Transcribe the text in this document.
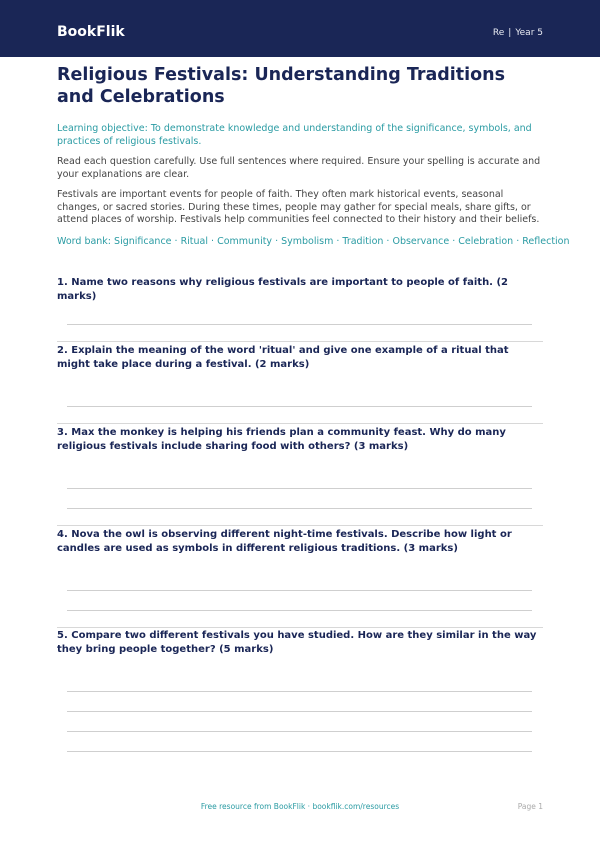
BookFlik	Re | Year 5
Religious Festivals: Understanding Traditions and Celebrations
Learning objective: To demonstrate knowledge and understanding of the significance, symbols, and practices of religious festivals.
Read each question carefully. Use full sentences where required. Ensure your spelling is accurate and your explanations are clear.
Festivals are important events for people of faith. They often mark historical events, seasonal changes, or sacred stories. During these times, people may gather for special meals, share gifts, or attend places of worship. Festivals help communities feel connected to their history and their beliefs.
Word bank: Significance · Ritual · Community · Symbolism · Tradition · Observance · Celebration · Reflection
1. Name two reasons why religious festivals are important to people of faith. (2 marks)
2. Explain the meaning of the word 'ritual' and give one example of a ritual that might take place during a festival. (2 marks)
3. Max the monkey is helping his friends plan a community feast. Why do many religious festivals include sharing food with others? (3 marks)
4. Nova the owl is observing different night-time festivals. Describe how light or candles are used as symbols in different religious traditions. (3 marks)
5. Compare two different festivals you have studied. How are they similar in the way they bring people together? (5 marks)
Free resource from BookFlik · bookflik.com/resources	Page 1
